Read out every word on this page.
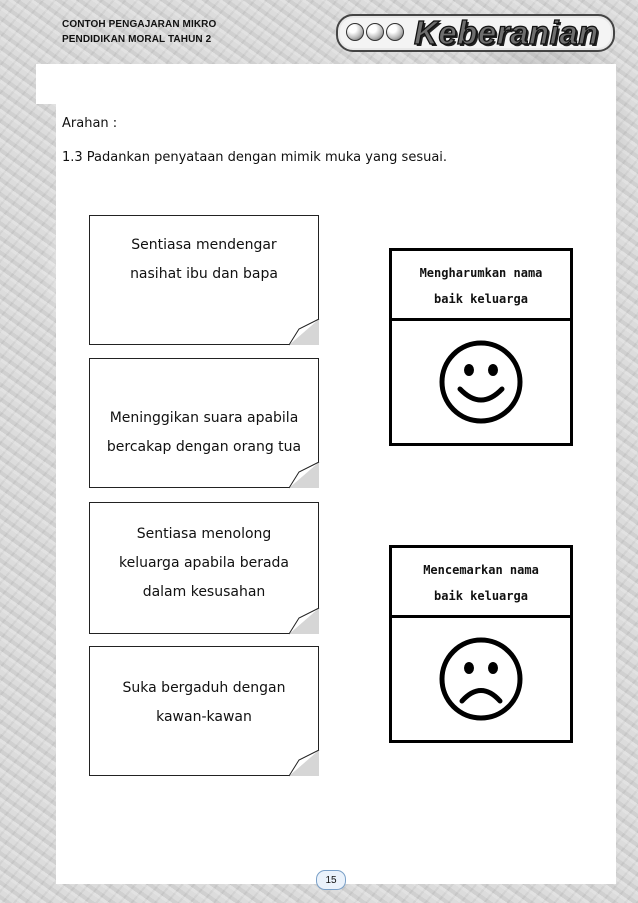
CONTOH PENGAJARAN MIKRO
PENDIDIKAN MORAL TAHUN 2	Keberanian
Arahan :
1.3 Padankan penyataan dengan mimik muka yang sesuai.
Sentiasa mendengar
nasihat ibu dan bapa
Meninggikan suara apabila
bercakap dengan orang tua
Sentiasa menolong
keluarga apabila berada
dalam kesusahan
Suka bergaduh dengan
kawan-kawan
Mengharumkan nama
baik keluarga
Mencemarkan nama
baik keluarga
15
